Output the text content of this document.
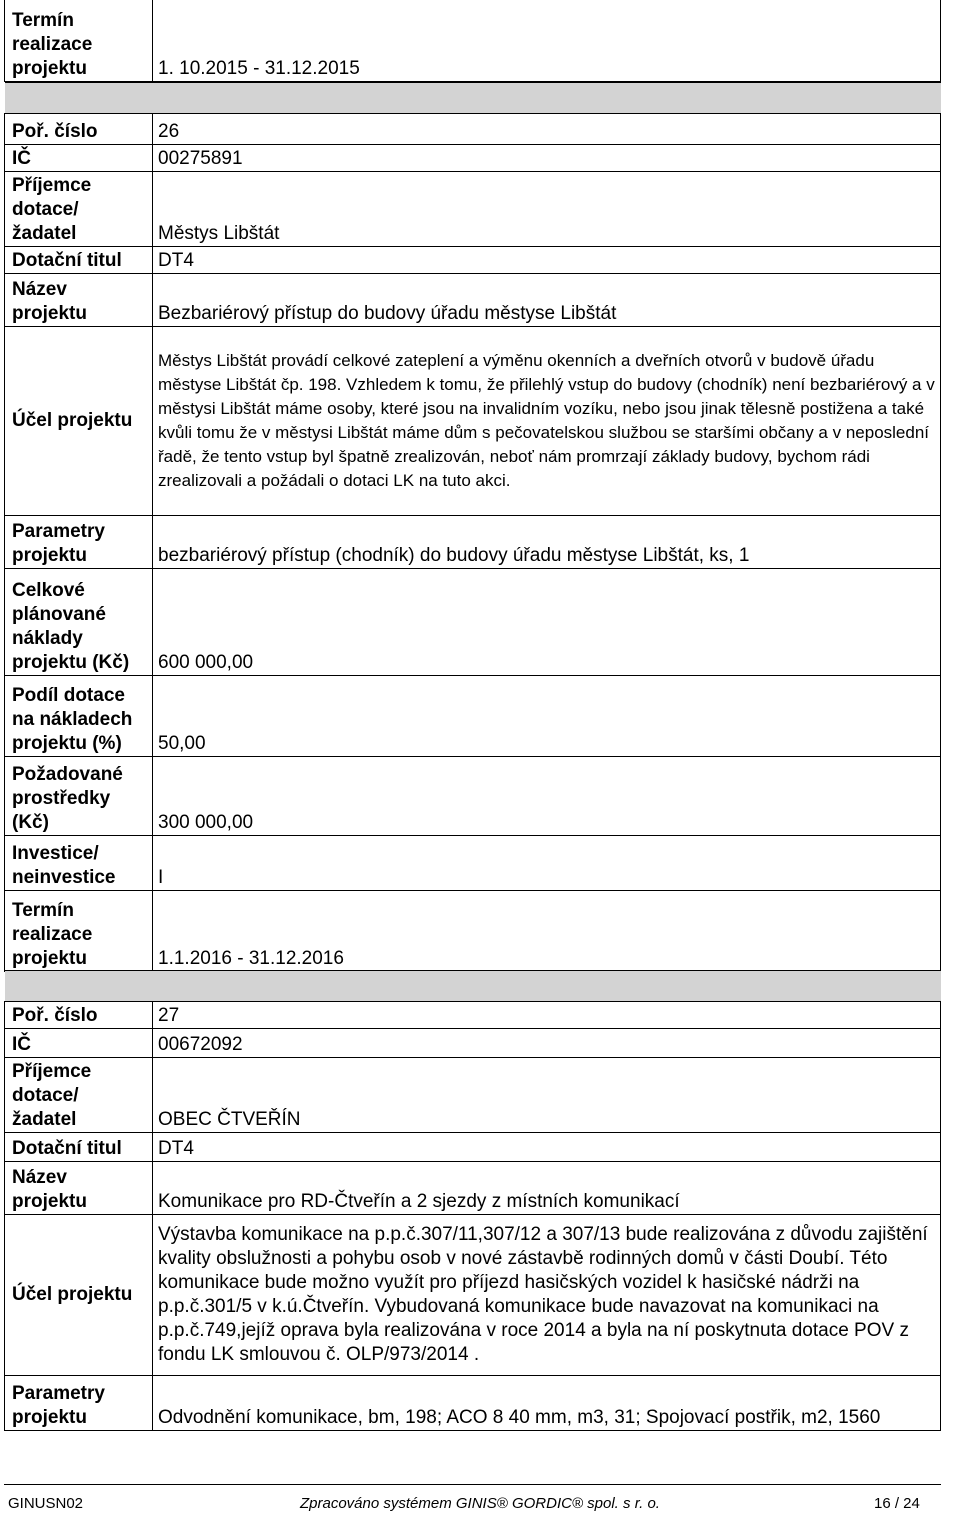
Termín
realizace
projektu	1. 10.2015 - 31.12.2015

Poř. číslo	26
IČ	00275891
Příjemce
dotace/
žadatel	Městys Libštát
Dotační titul	DT4
Název
projektu	Bezbariérový přístup do budovy úřadu městyse Libštát
Účel projektu	Městys Libštát provádí celkové zateplení a výměnu okenních a dveřních otvorů v budově úřadu městyse Libštát čp. 198. Vzhledem k tomu, že přilehlý vstup do budovy (chodník) není bezbariérový a v městysi Libštát máme osoby, které jsou na invalidním vozíku, nebo jsou jinak tělesně postižena a také kvůli tomu že v městysi Libštát máme dům s pečovatelskou službou se staršími občany a v neposlední řadě, že tento vstup byl špatně zrealizován, neboť nám promrzají základy budovy, bychom rádi zrealizovali a požádali o dotaci LK na tuto akci.
Parametry
projektu	bezbariérový přístup (chodník) do budovy úřadu městyse Libštát, ks, 1
Celkové
plánované
náklady
projektu (Kč)	600 000,00
Podíl dotace
na nákladech
projektu (%)	50,00
Požadované
prostředky
(Kč)	300 000,00
Investice/
neinvestice	I
Termín
realizace
projektu	1.1.2016 - 31.12.2016

Poř. číslo	27
IČ	00672092
Příjemce
dotace/
žadatel	OBEC ČTVEŘÍN
Dotační titul	DT4
Název
projektu	Komunikace pro RD-Čtveřín a 2 sjezdy z místních komunikací
Účel projektu	Výstavba komunikace na p.p.č.307/11,307/12 a 307/13 bude realizována z důvodu zajištění kvality obslužnosti a pohybu osob v nové zástavbě rodinných domů v části Doubí. Této komunikace bude možno využít pro příjezd hasičských vozidel k hasičské nádrži na p.p.č.301/5 v k.ú.Čtveřín. Vybudovaná komunikace bude navazovat na komunikaci na p.p.č.749,jejíž oprava byla realizována v roce 2014 a byla na ní poskytnuta dotace POV z fondu LK smlouvou č. OLP/973/2014 .
Parametry
projektu	Odvodnění komunikace, bm, 198; ACO 8 40 mm, m3, 31; Spojovací postřik, m2, 1560
GINUSN02	Zpracováno systémem GINIS® GORDIC® spol. s r. o.	16 / 24
